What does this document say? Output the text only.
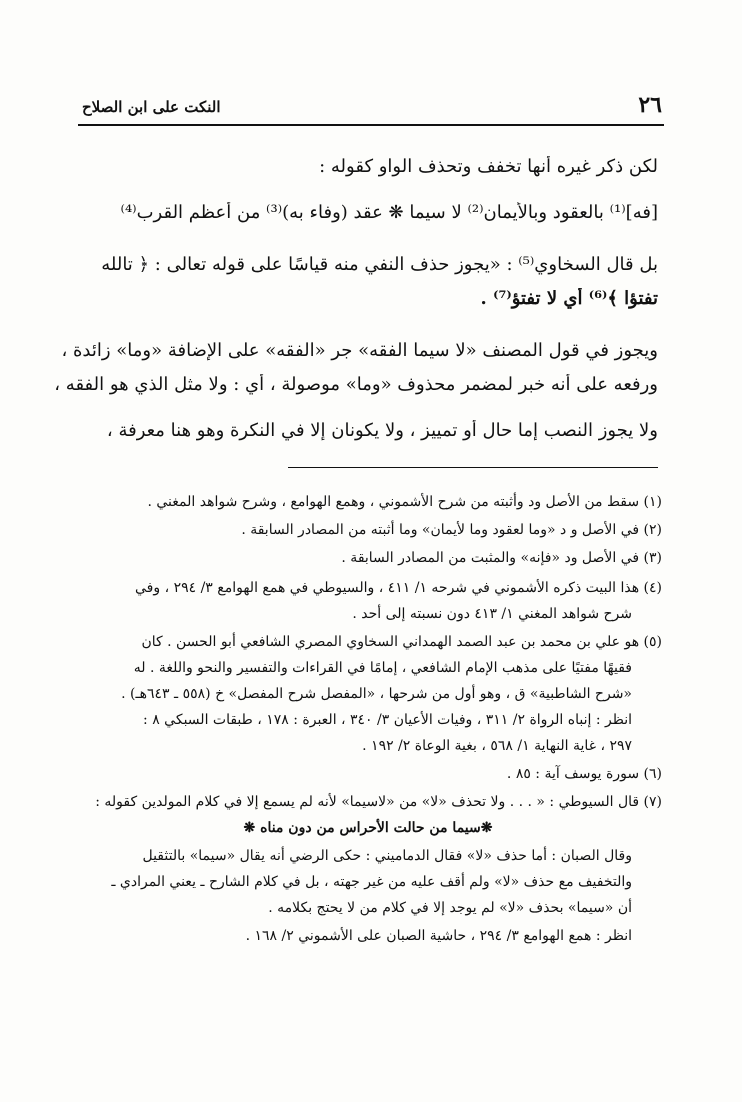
٢٦
النكت على ابن الصلاح
لكن ذكر غيره أنها تخفف وتحذف الواو كقوله :
[فه]⁽¹⁾ بالعقود وبالأيمان⁽²⁾ لا سيما ❋ عقد (وفاء به)⁽³⁾ من أعظم القرب⁽⁴⁾
بل قال السخاوي⁽⁵⁾ : «يجوز حذف النفي منه قياسًا على قوله تعالى : ﴿ تالله
تفتؤا ﴾⁽⁶⁾ أي لا تفتؤ⁽⁷⁾ .
ويجوز في قول المصنف «لا سيما الفقه» جر «الفقه» على الإضافة «وما» زائدة ،
ورفعه على أنه خبر لمضمر محذوف «وما» موصولة ، أي : ولا مثل الذي هو الفقه ،
ولا يجوز النصب إما حال أو تمييز ، ولا يكونان إلا في النكرة وهو هنا معرفة ،
(١) سقط من الأصل ود وأثبته من شرح الأشموني ، وهمع الهوامع ، وشرح شواهد المغني .
(٢) في الأصل و د «وما لعقود وما لأيمان» وما أثبته من المصادر السابقة .
(٣) في الأصل ود «فإنه» والمثبت من المصادر السابقة .
(٤) هذا البيت ذكره الأشموني في شرحه ١/ ٤١١ ، والسيوطي في همع الهوامع ٣/ ٢٩٤ ، وفي
شرح شواهد المغني ١/ ٤١٣ دون نسبته إلى أحد .
(٥) هو علي بن محمد بن عبد الصمد الهمداني السخاوي المصري الشافعي أبو الحسن . كان
فقيهًا مفتيًا على مذهب الإمام الشافعي ، إمامًا في القراءات والتفسير والنحو واللغة . له
«شرح الشاطبية» ق ، وهو أول من شرحها ، «المفصل شرح المفصل» خ (٥٥٨ ـ ٦٤٣هـ) .
انظر : إنباه الرواة ٢/ ٣١١ ، وفيات الأعيان ٣/ ٣٤٠ ، العبرة : ١٧٨ ، طبقات السبكي ٨ :
٢٩٧ ، غاية النهاية ١/ ٥٦٨ ، بغية الوعاة ٢/ ١٩٢ .
(٦) سورة يوسف آية : ٨٥ .
(٧) قال السيوطي : « . . . ولا تحذف «لا» من «لاسيما» لأنه لم يسمع إلا في كلام المولدين كقوله :
❋سيما من حالت الأحراس من دون مناه ❋
وقال الصبان : أما حذف «لا» فقال الدماميني : حكى الرضي أنه يقال «سيما» بالتثقيل
والتخفيف مع حذف «لا» ولم أقف عليه من غير جهته ، بل في كلام الشارح ـ يعني المرادي ـ
أن «سيما» بحذف «لا» لم يوجد إلا في كلام من لا يحتج بكلامه .
انظر : همع الهوامع ٣/ ٢٩٤ ، حاشية الصبان على الأشموني ٢/ ١٦٨ .
